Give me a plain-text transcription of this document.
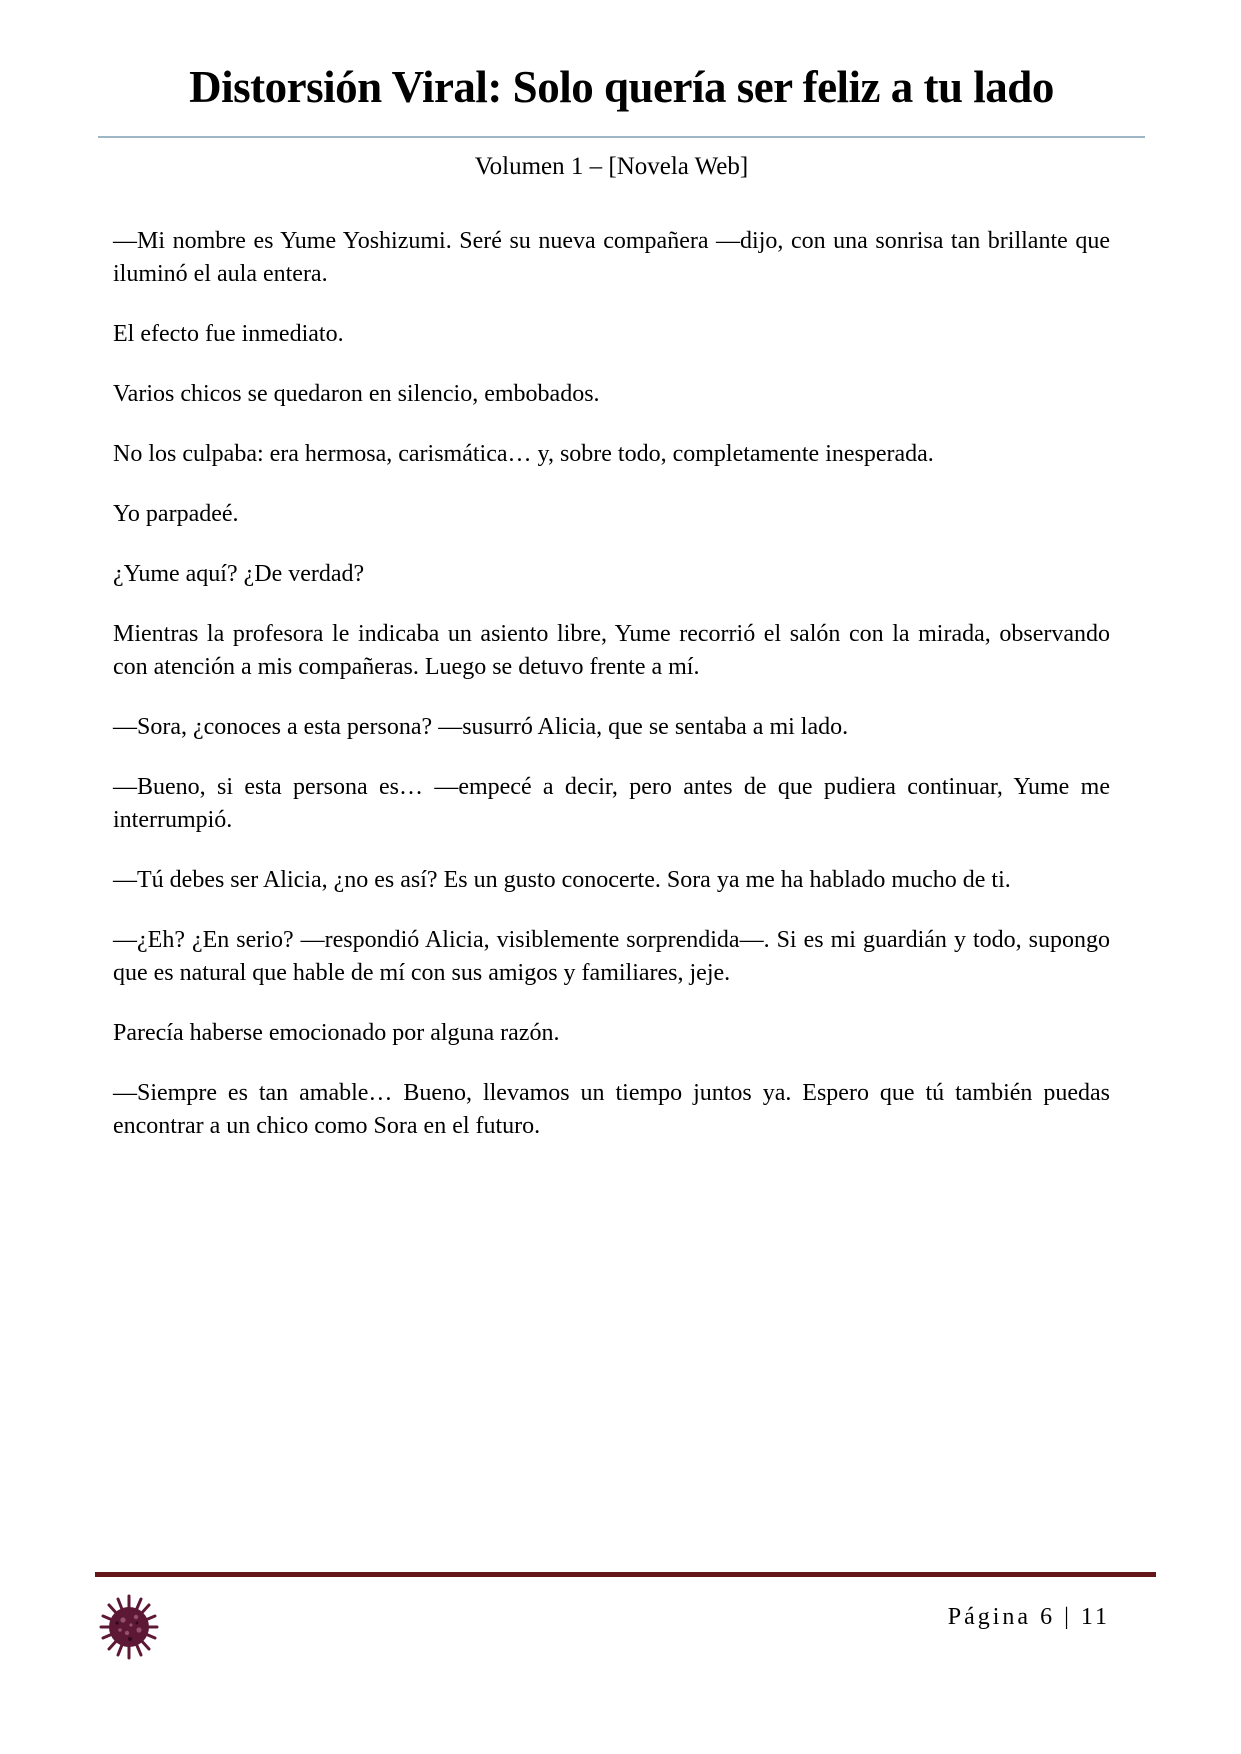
Distorsión Viral: Solo quería ser feliz a tu lado
Volumen 1 – [Novela Web]

—Mi nombre es Yume Yoshizumi. Seré su nueva compañera —dijo, con una sonrisa tan brillante que iluminó el aula entera.

El efecto fue inmediato.

Varios chicos se quedaron en silencio, embobados.

No los culpaba: era hermosa, carismática… y, sobre todo, completamente inesperada.

Yo parpadeé.

¿Yume aquí? ¿De verdad?

Mientras la profesora le indicaba un asiento libre, Yume recorrió el salón con la mirada, observando con atención a mis compañeras. Luego se detuvo frente a mí.

—Sora, ¿conoces a esta persona? —susurró Alicia, que se sentaba a mi lado.

—Bueno, si esta persona es… —empecé a decir, pero antes de que pudiera continuar, Yume me interrumpió.

—Tú debes ser Alicia, ¿no es así? Es un gusto conocerte. Sora ya me ha hablado mucho de ti.

—¿Eh? ¿En serio? —respondió Alicia, visiblemente sorprendida—. Si es mi guardián y todo, supongo que es natural que hable de mí con sus amigos y familiares, jeje.

Parecía haberse emocionado por alguna razón.

—Siempre es tan amable… Bueno, llevamos un tiempo juntos ya. Espero que tú también puedas encontrar a un chico como Sora en el futuro.

Página 6 | 11
